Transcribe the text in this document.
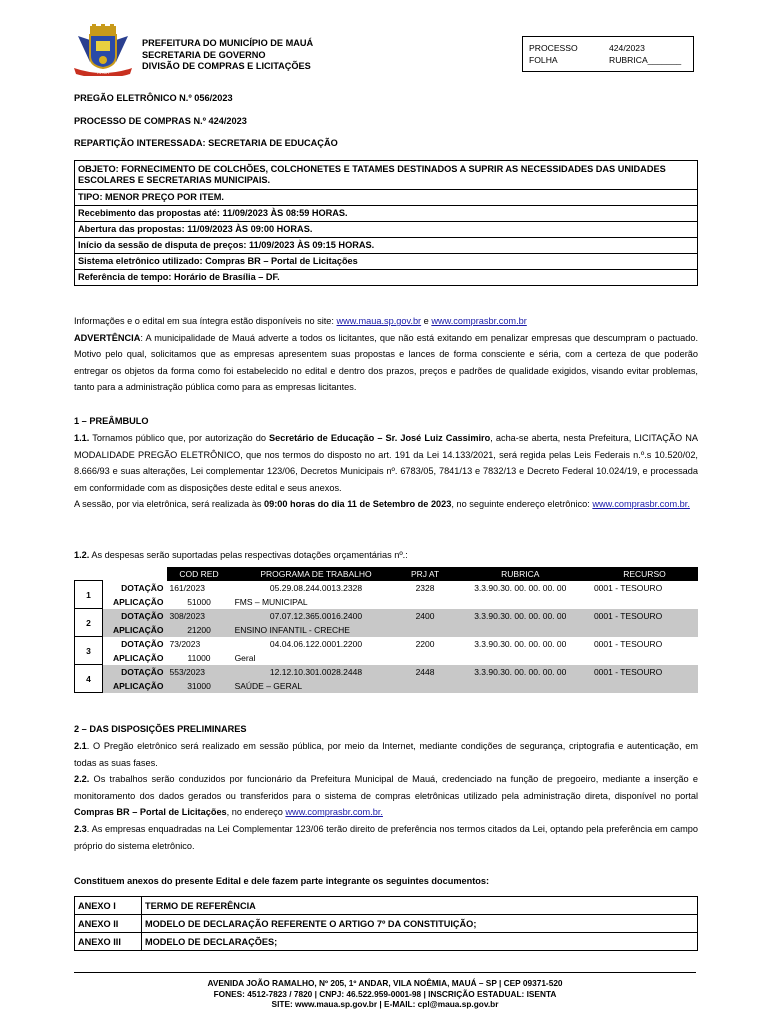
MAUÁ
PREFEITURA DO MUNICÍPIO DE MAUÁ
SECRETARIA DE GOVERNO
DIVISÃO DE COMPRAS E LICITAÇÕES
PROCESSO	424/2023
FOLHA	RUBRICA_______
PREGÃO ELETRÔNICO N.º 056/2023
PROCESSO DE COMPRAS N.º 424/2023
REPARTIÇÃO INTERESSADA: SECRETARIA DE EDUCAÇÃO
OBJETO: FORNECIMENTO DE COLCHÕES, COLCHONETES E TATAMES DESTINADOS A SUPRIR AS NECESSIDADES DAS UNIDADES ESCOLARES E SECRETARIAS MUNICIPAIS.
TIPO: MENOR PREÇO POR ITEM.
Recebimento das propostas até: 11/09/2023 ÀS 08:59 HORAS.
Abertura das propostas: 11/09/2023 ÀS 09:00 HORAS.
Início da sessão de disputa de preços: 11/09/2023 ÀS 09:15 HORAS.
Sistema eletrônico utilizado: Compras BR – Portal de Licitações
Referência de tempo: Horário de Brasília – DF.
Informações e o edital em sua íntegra estão disponíveis no site: www.maua.sp.gov.br e www.comprasbr.com.br
ADVERTÊNCIA: A municipalidade de Mauá adverte a todos os licitantes, que não está exitando em penalizar empresas que descumpram o pactuado. Motivo pelo qual, solicitamos que as empresas apresentem suas propostas e lances de forma consciente e séria, com a certeza de que poderão entregar os objetos da forma como foi estabelecido no edital e dentro dos prazos, preços e padrões de qualidade exigidos, visando evitar problemas, tanto para a administração pública como para as empresas licitantes.
1 – PREÂMBULO
1.1. Tornamos público que, por autorização do Secretário de Educação – Sr. José Luiz Cassimiro, acha-se aberta, nesta Prefeitura, LICITAÇÃO NA MODALIDADE PREGÃO ELETRÔNICO, que nos termos do disposto no art. 191 da Lei 14.133/2021, será regida pelas Leis Federais n.º.s 10.520/02, 8.666/93 e suas alterações, Lei complementar 123/06, Decretos Municipais nº. 6783/05, 7841/13 e 7832/13 e Decreto Federal 10.024/19, e processada em conformidade com as disposições deste edital e seus anexos.
A sessão, por via eletrônica, será realizada às 09:00 horas do dia 11 de Setembro de 2023, no seguinte endereço eletrônico: www.comprasbr.com.br.
1.2. As despesas serão suportadas pelas respectivas dotações orçamentárias nº.:
		COD RED	PROGRAMA DE TRABALHO	PRJ AT	RUBRICA	RECURSO
1	DOTAÇÃO	161/2023	05.29.08.244.0013.2328	2328	3.3.90.30. 00. 00. 00. 00	0001 - TESOURO
	APLICAÇÃO	51000	FMS – MUNICIPAL			
2	DOTAÇÃO	308/2023	07.07.12.365.0016.2400	2400	3.3.90.30. 00. 00. 00. 00	0001 - TESOURO
	APLICAÇÃO	21200	ENSINO INFANTIL - CRECHE			
3	DOTAÇÃO	73/2023	04.04.06.122.0001.2200	2200	3.3.90.30. 00. 00. 00. 00	0001 - TESOURO
	APLICAÇÃO	11000	Geral			
4	DOTAÇÃO	553/2023	12.12.10.301.0028.2448	2448	3.3.90.30. 00. 00. 00. 00	0001 - TESOURO
	APLICAÇÃO	31000	SAÚDE – GERAL			
2 – DAS DISPOSIÇÕES PRELIMINARES
2.1. O Pregão eletrônico será realizado em sessão pública, por meio da Internet, mediante condições de segurança, criptografia e autenticação, em todas as suas fases.
2.2. Os trabalhos serão conduzidos por funcionário da Prefeitura Municipal de Mauá, credenciado na função de pregoeiro, mediante a inserção e monitoramento dos dados gerados ou transferidos para o sistema de compras eletrônicas utilizado pela administração direta, disponível no portal Compras BR – Portal de Licitações, no endereço www.comprasbr.com.br.
2.3. As empresas enquadradas na Lei Complementar 123/06 terão direito de preferência nos termos citados da Lei, optando pela preferência em campo próprio do sistema eletrônico.
Constituem anexos do presente Edital e dele fazem parte integrante os seguintes documentos:
ANEXO I	TERMO DE REFERÊNCIA
ANEXO II	MODELO DE DECLARAÇÃO REFERENTE O ARTIGO 7º DA CONSTITUIÇÃO;
ANEXO III	MODELO DE DECLARAÇÕES;
AVENIDA JOÃO RAMALHO, Nº 205, 1º ANDAR, VILA NOÊMIA, MAUÁ – SP | CEP 09371-520
FONES: 4512-7823 / 7820 | CNPJ: 46.522.959-0001-98 | INSCRIÇÃO ESTADUAL: ISENTA
SITE: www.maua.sp.gov.br | E-MAIL: cpl@maua.sp.gov.br
